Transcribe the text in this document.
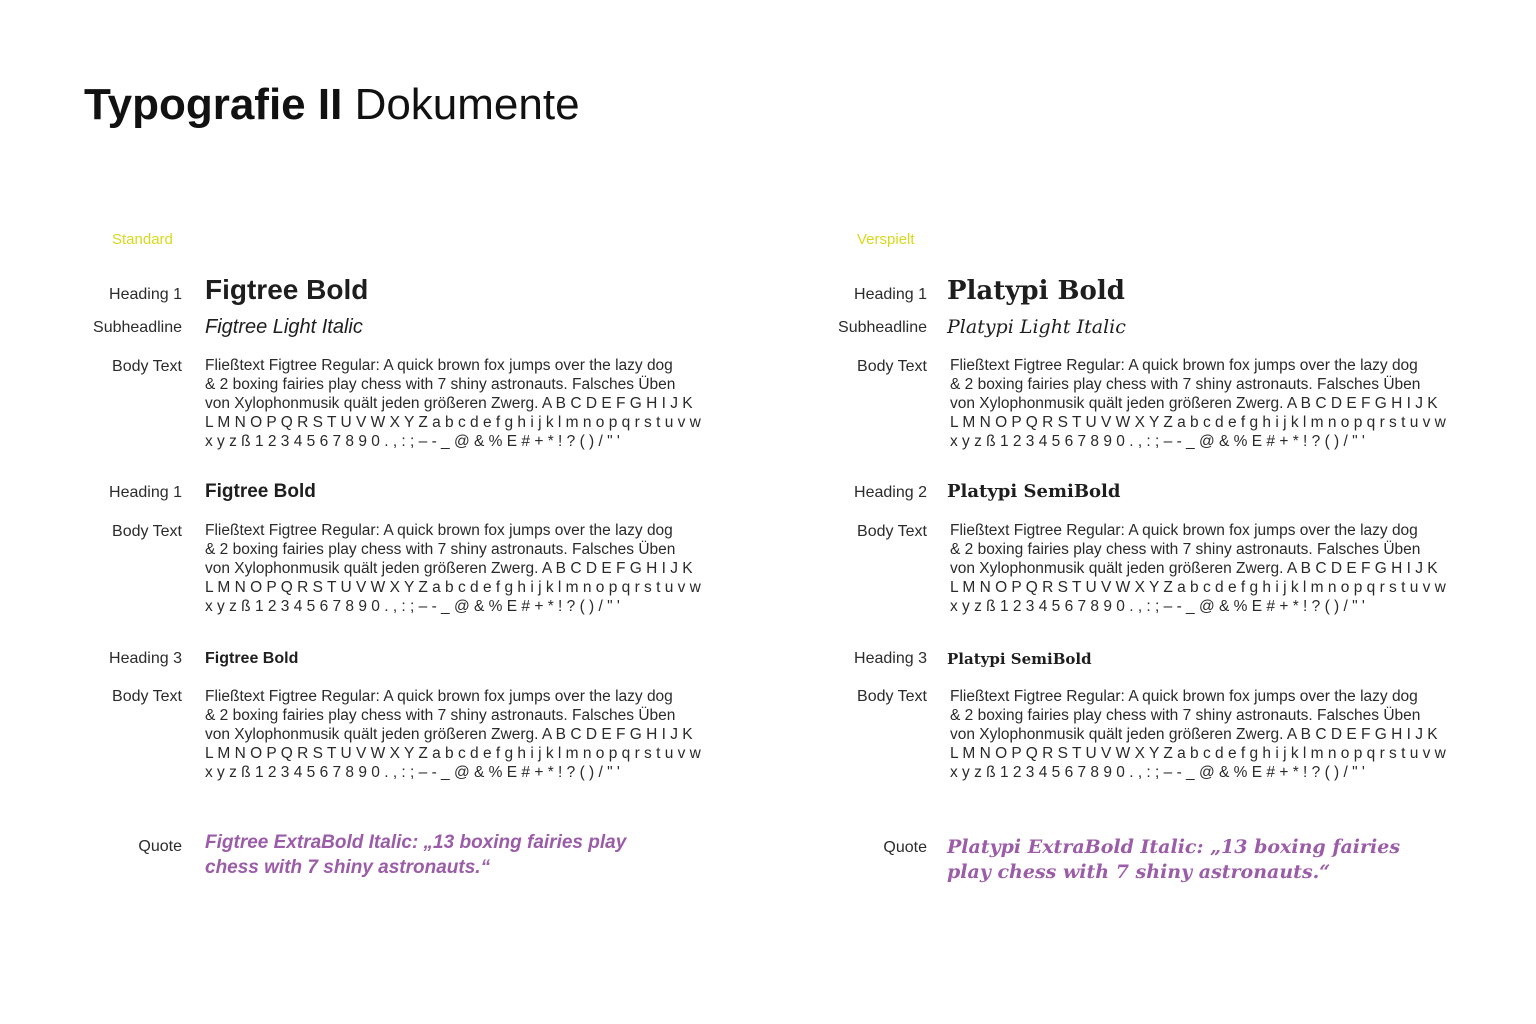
Typografie II Dokumente
Standard
Heading 1 Figtree Bold
Subheadline Figtree Light Italic
Body Text Fließtext Figtree Regular: A quick brown fox jumps over the lazy dog
& 2 boxing fairies play chess with 7 shiny astronauts. Falsches Üben
von Xylophonmusik quält jeden größeren Zwerg. A B C D E F G H I J K
L M N O P Q R S T U V W X Y Z a b c d e f g h i j k l m n o p q r s t u v w
x y z ß 1 2 3 4 5 6 7 8 9 0 . , : ; – - _ @ & % E # + * ! ? ( ) / " '
Heading 1 Figtree Bold
Body Text Fließtext Figtree Regular: A quick brown fox jumps over the lazy dog
& 2 boxing fairies play chess with 7 shiny astronauts. Falsches Üben
von Xylophonmusik quält jeden größeren Zwerg. A B C D E F G H I J K
L M N O P Q R S T U V W X Y Z a b c d e f g h i j k l m n o p q r s t u v w
x y z ß 1 2 3 4 5 6 7 8 9 0 . , : ; – - _ @ & % E # + * ! ? ( ) / " '
Heading 3 Figtree Bold
Body Text Fließtext Figtree Regular: A quick brown fox jumps over the lazy dog
& 2 boxing fairies play chess with 7 shiny astronauts. Falsches Üben
von Xylophonmusik quält jeden größeren Zwerg. A B C D E F G H I J K
L M N O P Q R S T U V W X Y Z a b c d e f g h i j k l m n o p q r s t u v w
x y z ß 1 2 3 4 5 6 7 8 9 0 . , : ; – - _ @ & % E # + * ! ? ( ) / " '
Quote Figtree ExtraBold Italic: „13 boxing fairies play
chess with 7 shiny astronauts.“
Verspielt
Heading 1 Platypi Bold
Subheadline Platypi Light Italic
Body Text Fließtext Figtree Regular: A quick brown fox jumps over the lazy dog
& 2 boxing fairies play chess with 7 shiny astronauts. Falsches Üben
von Xylophonmusik quält jeden größeren Zwerg. A B C D E F G H I J K
L M N O P Q R S T U V W X Y Z a b c d e f g h i j k l m n o p q r s t u v w
x y z ß 1 2 3 4 5 6 7 8 9 0 . , : ; – - _ @ & % E # + * ! ? ( ) / " '
Heading 2 Platypi SemiBold
Body Text Fließtext Figtree Regular: A quick brown fox jumps over the lazy dog
& 2 boxing fairies play chess with 7 shiny astronauts. Falsches Üben
von Xylophonmusik quält jeden größeren Zwerg. A B C D E F G H I J K
L M N O P Q R S T U V W X Y Z a b c d e f g h i j k l m n o p q r s t u v w
x y z ß 1 2 3 4 5 6 7 8 9 0 . , : ; – - _ @ & % E # + * ! ? ( ) / " '
Heading 3 Platypi SemiBold
Body Text Fließtext Figtree Regular: A quick brown fox jumps over the lazy dog
& 2 boxing fairies play chess with 7 shiny astronauts. Falsches Üben
von Xylophonmusik quält jeden größeren Zwerg. A B C D E F G H I J K
L M N O P Q R S T U V W X Y Z a b c d e f g h i j k l m n o p q r s t u v w
x y z ß 1 2 3 4 5 6 7 8 9 0 . , : ; – - _ @ & % E # + * ! ? ( ) / " '
Quote Platypi ExtraBold Italic: „13 boxing fairies
play chess with 7 shiny astronauts.“
